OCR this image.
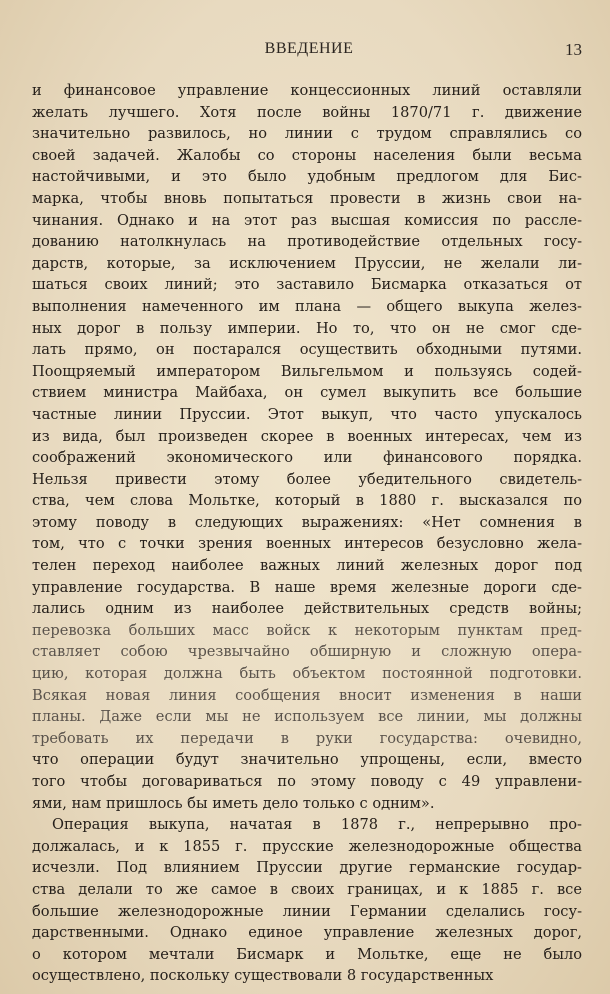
ВВЕДЕНИЕ	13
и финансовое управление концессионных линий оставляли
желать лучшего. Хотя после войны 1870/71 г. движение
значительно развилось, но линии с трудом справлялись со
своей задачей. Жалобы со стороны населения были весьма
настойчивыми, и это было удобным предлогом для Бис-
марка, чтобы вновь попытаться провести в жизнь свои на-
чинания. Однако и на этот раз высшая комиссия по рассле-
дованию натолкнулась на противодействие отдельных госу-
дарств, которые, за исключением Пруссии, не желали ли-
шаться своих линий; это заставило Бисмарка отказаться от
выполнения намеченного им плана — общего выкупа желез-
ных дорог в пользу империи. Но то, что он не смог сде-
лать прямо, он постарался осуществить обходными путями.
Поощряемый императором Вильгельмом и пользуясь содей-
ствием министра Майбаха, он сумел выкупить все большие
частные линии Пруссии. Этот выкуп, что часто упускалось
из вида, был произведен скорее в военных интересах, чем из
соображений экономического или финансового порядка.
Нельзя привести этому более убедительного свидетель-
ства, чем слова Мольтке, который в 1880 г. высказался по
этому поводу в следующих выражениях: «Нет сомнения в
том, что с точки зрения военных интересов безусловно жела-
телен переход наиболее важных линий железных дорог под
управление государства. В наше время железные дороги сде-
лались одним из наиболее действительных средств войны;
перевозка больших масс войск к некоторым пунктам пред-
ставляет собою чрезвычайно обширную и сложную опера-
цию, которая должна быть объектом постоянной подготовки.
Всякая новая линия сообщения вносит изменения в наши
планы. Даже если мы не используем все линии, мы должны
требовать их передачи в руки государства: очевидно,
что операции будут значительно упрощены, если, вместо
того чтобы договариваться по этому поводу с 49 управлени-
ями, нам пришлось бы иметь дело только с одним».
Операция выкупа, начатая в 1878 г., непрерывно про-
должалась, и к 1855 г. прусские железнодорожные общества
исчезли. Под влиянием Пруссии другие германские государ-
ства делали то же самое в своих границах, и к 1885 г. все
большие железнодорожные линии Германии сделались госу-
дарственными. Однако единое управление железных дорог,
о котором мечтали Бисмарк и Мольтке, еще не было
осуществлено, поскольку существовали 8 государственных
